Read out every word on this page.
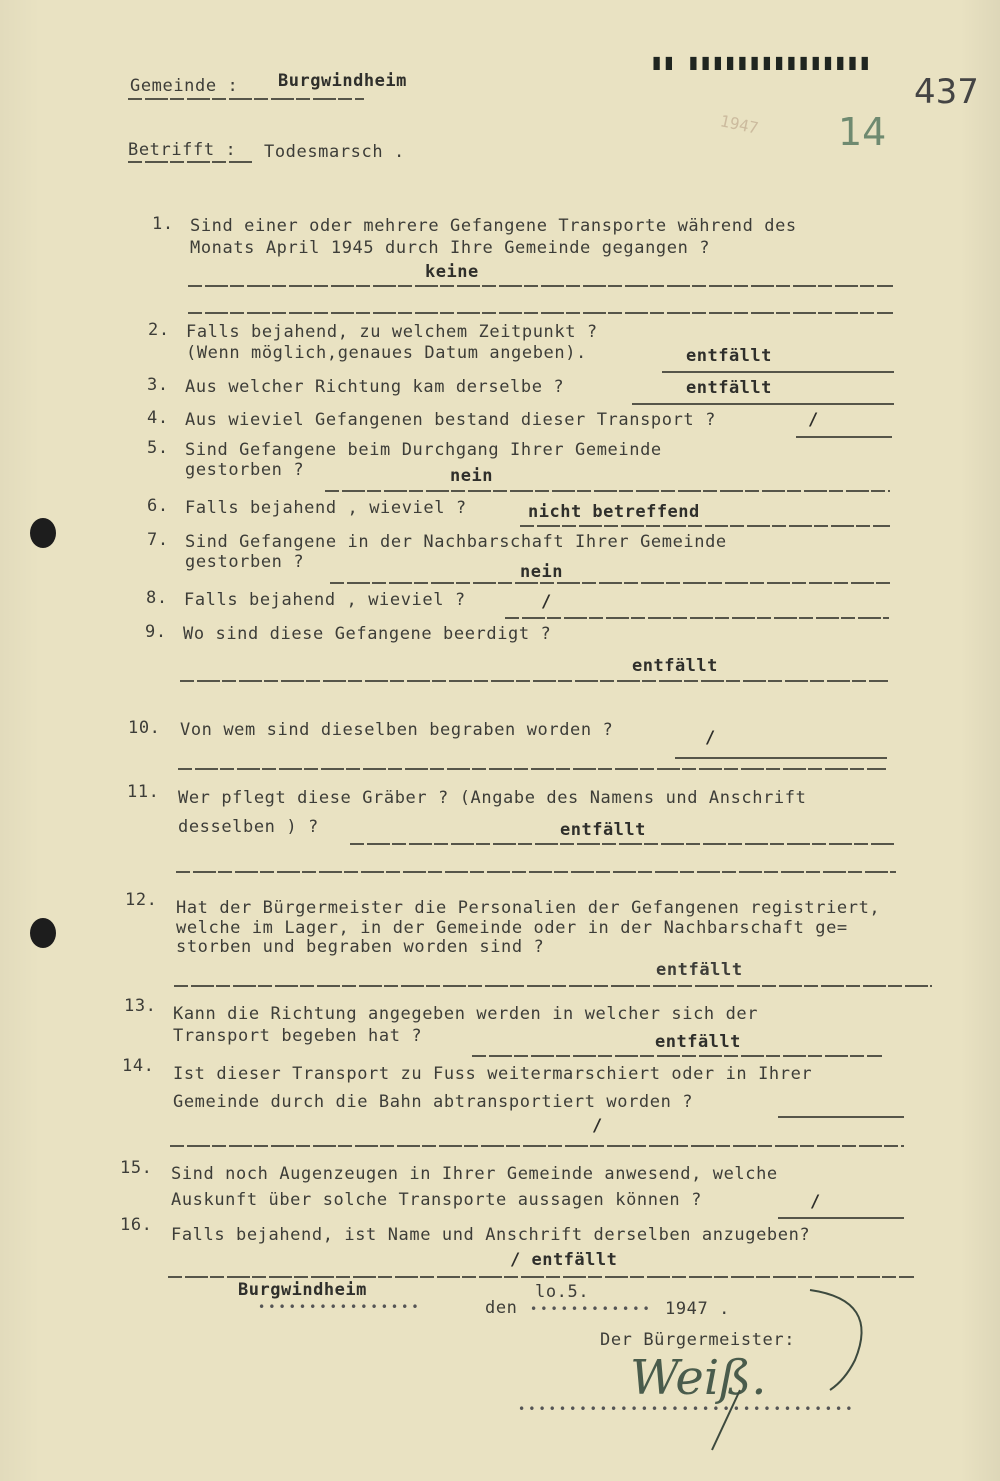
Gemeinde : Burgwindheim
▮▮ ▮▮▮▮▮▮▮▮▮▮▮▮▮▮▮
437
14
1947
Betrifft : Todesmarsch .
1. Sind einer oder mehrere Gefangene Transporte während des
Monats April 1945 durch Ihre Gemeinde gegangen ?
keine
2. Falls bejahend, zu welchem Zeitpunkt ?
(Wenn möglich,genaues Datum angeben).	entfällt
3. Aus welcher Richtung kam derselbe ?	entfällt
4. Aus wieviel Gefangenen bestand dieser Transport ?	/
5. Sind Gefangene beim Durchgang Ihrer Gemeinde
gestorben ?	nein
6. Falls bejahend , wieviel ?	nicht betreffend
7. Sind Gefangene in der Nachbarschaft Ihrer Gemeinde
gestorben ?	nein
8. Falls bejahend , wieviel ?	/
9. Wo sind diese Gefangene beerdigt ?
entfällt
10. Von wem sind dieselben begraben worden ?	/
11. Wer pflegt diese Gräber ? (Angabe des Namens und Anschrift
desselben ) ?	entfällt
12. Hat der Bürgermeister die Personalien der Gefangenen registriert,
welche im Lager, in der Gemeinde oder in der Nachbarschaft ge=
storben und begraben worden sind ?
entfällt
13. Kann die Richtung angegeben werden in welcher sich der
Transport begeben hat ?	entfällt
14. Ist dieser Transport zu Fuss weitermarschiert oder in Ihrer
Gemeinde durch die Bahn abtransportiert worden ?
/
15. Sind noch Augenzeugen in Ihrer Gemeinde anwesend, welche
Auskunft über solche Transporte aussagen können ?	/
16. Falls bejahend, ist Name und Anschrift derselben anzugeben?
/ entfällt
Burgwindheim
••••••••••••••••	den
lo.5.
•••••••••••• 1947 .
Der Bürgermeister:
Weiß.
•••••••••••••••••••••••••••••••••
